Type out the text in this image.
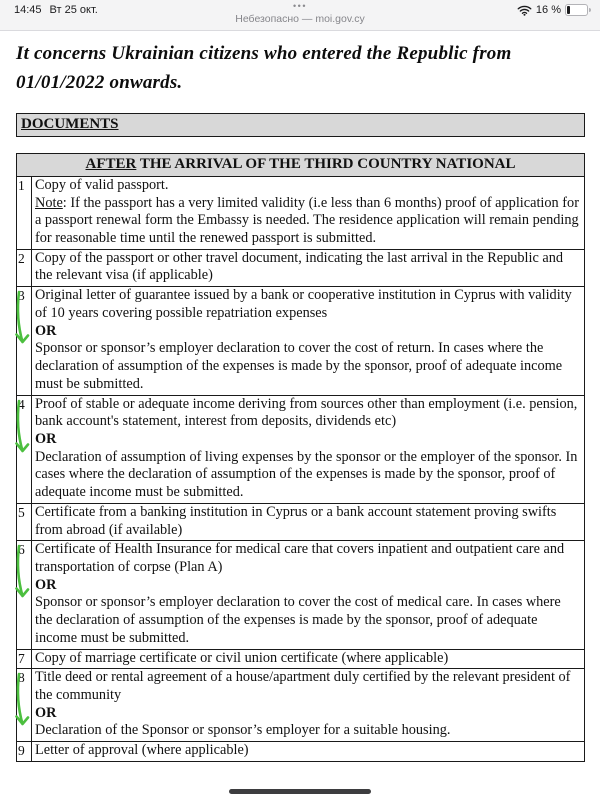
14:45 Вт 25 окт.	•••
Небезопасно — moi.gov.cy
16 %
It concerns Ukrainian citizens who entered the Republic from 01/01/2022 onwards.
DOCUMENTS
AFTER THE ARRIVAL OF THE THIRD COUNTRY NATIONAL
1 Copy of valid passport.

Note: If the passport has a very limited validity (i.e less than 6 months) proof of application for a passport renewal form the Embassy is needed. The residence application will remain pending for reasonable time until the renewed passport is submitted.

2 Copy of the passport or other travel document, indicating the last arrival in the Republic and the relevant visa (if applicable)

3 Original letter of guarantee issued by a bank or cooperative institution in Cyprus with validity of 10 years covering possible repatriation expenses

OR

Sponsor or sponsor’s employer declaration to cover the cost of return. In cases where the declaration of assumption of the expenses is made by the sponsor, proof of adequate income must be submitted.

4 Proof of stable or adequate income deriving from sources other than employment (i.e. pension, bank account's statement, interest from deposits, dividends etc)

OR

Declaration of assumption of living expenses by the sponsor or the employer of the sponsor. In cases where the declaration of assumption of the expenses is made by the sponsor, proof of adequate income must be submitted.

5 Certificate from a banking institution in Cyprus or a bank account statement proving swifts from abroad (if available)

6 Certificate of Health Insurance for medical care that covers inpatient and outpatient care and transportation of corpse (Plan A)

OR

Sponsor or sponsor’s employer declaration to cover the cost of medical care. In cases where the declaration of assumption of the expenses is made by the sponsor, proof of adequate income must be submitted.

7 Copy of marriage certificate or civil union certificate (where applicable)

8 Title deed or rental agreement of a house/apartment duly certified by the relevant president of the community

OR

Declaration of the Sponsor or sponsor’s employer for a suitable housing.

9 Letter of approval (where applicable)
